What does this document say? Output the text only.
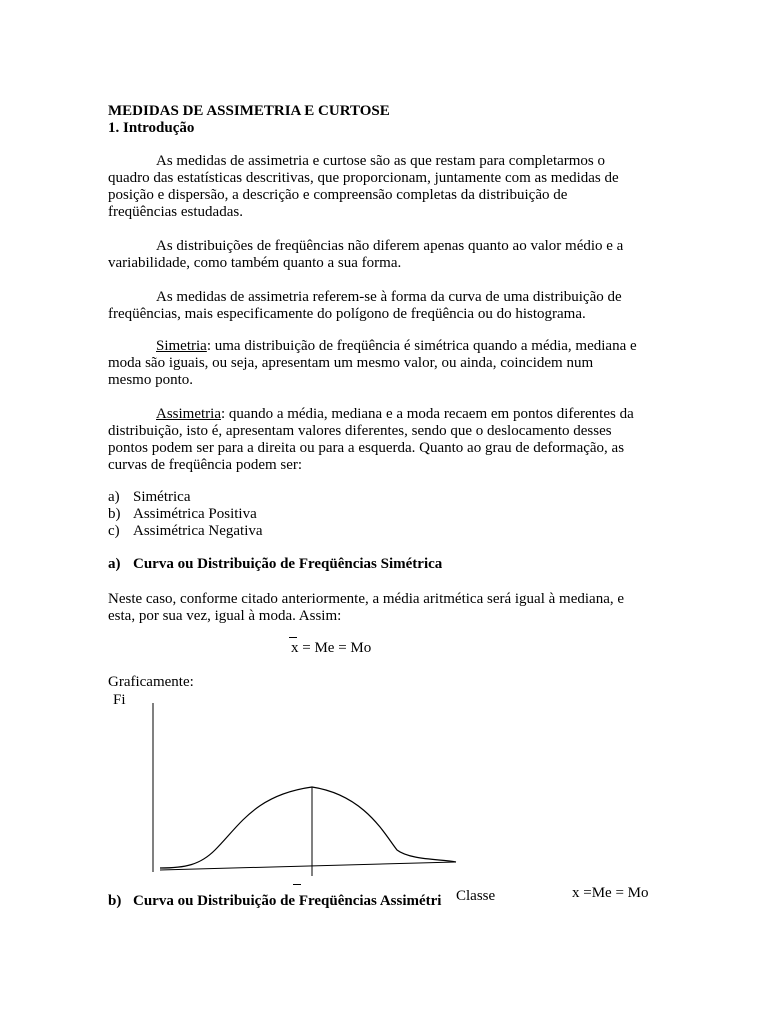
MEDIDAS DE ASSIMETRIA E CURTOSE
1. Introdução
As medidas de assimetria e curtose são as que restam para completarmos o
quadro das estatísticas descritivas, que proporcionam, juntamente com as medidas de
posição e dispersão, a descrição e compreensão completas da distribuição de
freqüências estudadas.
As distribuições de freqüências não diferem apenas quanto ao valor médio e a
variabilidade, como também quanto a sua forma.
As medidas de assimetria referem-se à forma da curva de uma distribuição de
freqüências, mais especificamente do polígono de freqüência ou do histograma.
Simetria: uma distribuição de freqüência é simétrica quando a média, mediana e
moda são iguais, ou seja, apresentam um mesmo valor, ou ainda, coincidem num
mesmo ponto.
Assimetria: quando a média, mediana e a moda recaem em pontos diferentes da
distribuição, isto é, apresentam valores diferentes, sendo que o deslocamento desses
pontos podem ser para a direita ou para a esquerda. Quanto ao grau de deformação, as
curvas de freqüência podem ser:
a) Simétrica
b) Assimétrica Positiva
c) Assimétrica Negativa
a) Curva ou Distribuição de Freqüências Simétrica
Neste caso, conforme citado anteriormente, a média aritmética será igual à mediana, e
esta, por sua vez, igual à moda. Assim:
x = Me = Mo
Graficamente:
Fi
Classe	x =Me = Mo
b) Curva ou Distribuição de Freqüências Assimétri
